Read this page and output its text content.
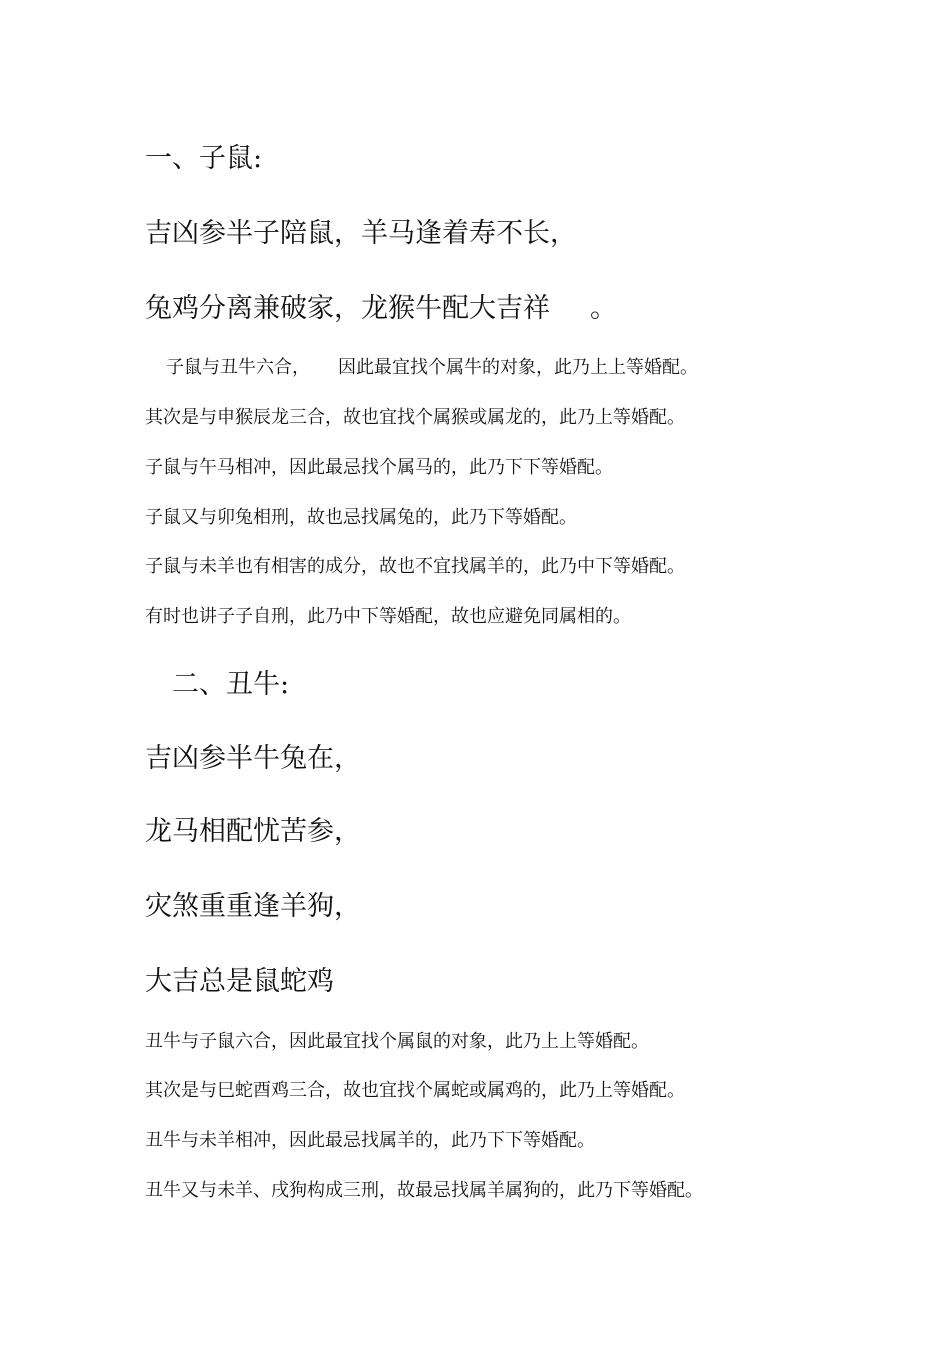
一、子鼠:
吉凶参半子陪鼠，羊马逢着寿不长，
兔鸡分离兼破家，龙猴牛配大吉祥 。
子鼠与丑牛六合， 因此最宜找个属牛的对象，此乃上上等婚配。
其次是与申猴辰龙三合，故也宜找个属猴或属龙的，此乃上等婚配。
子鼠与午马相冲，因此最忌找个属马的，此乃下下等婚配。
子鼠又与卯兔相刑，故也忌找属兔的，此乃下等婚配。
子鼠与未羊也有相害的成分，故也不宜找属羊的，此乃中下等婚配。
有时也讲子子自刑，此乃中下等婚配，故也应避免同属相的。
二、丑牛:
吉凶参半牛兔在，
龙马相配忧苦参，
灾煞重重逢羊狗，
大吉总是鼠蛇鸡
丑牛与子鼠六合，因此最宜找个属鼠的对象，此乃上上等婚配。
其次是与巳蛇酉鸡三合，故也宜找个属蛇或属鸡的，此乃上等婚配。
丑牛与未羊相冲，因此最忌找属羊的，此乃下下等婚配。
丑牛又与未羊、戌狗构成三刑，故最忌找属羊属狗的，此乃下等婚配。
